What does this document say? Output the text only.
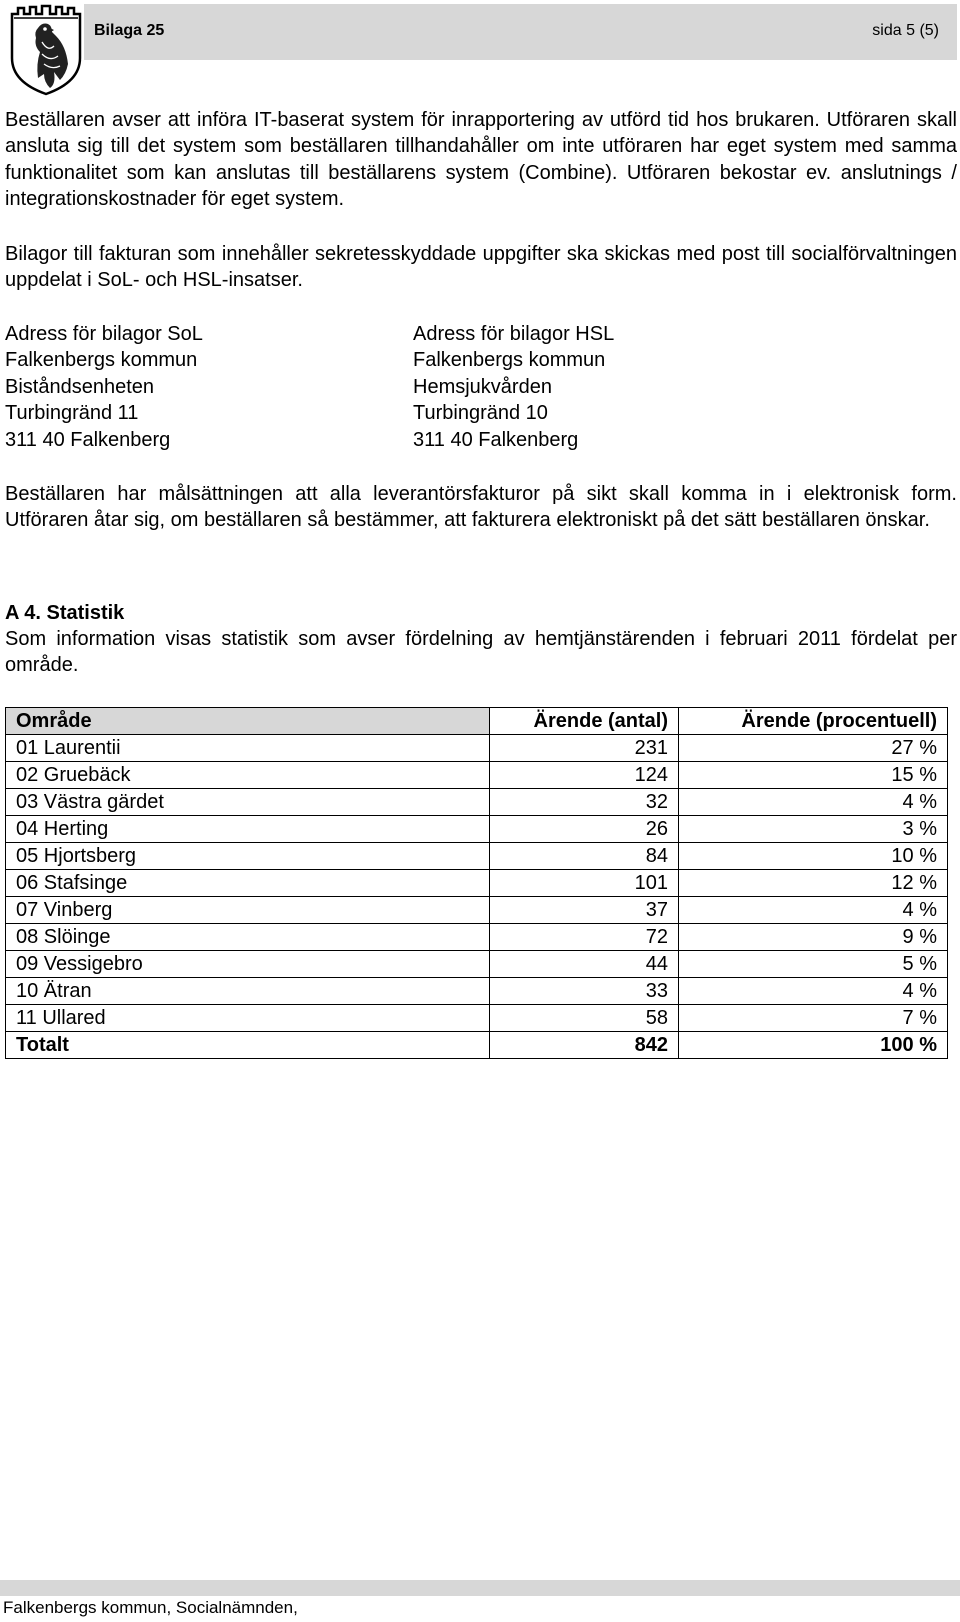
Bilaga 25	sida 5 (5)

Beställaren avser att införa IT-baserat system för inrapportering av utförd tid hos brukaren. Utföraren skall ansluta sig till det system som beställaren tillhandahåller om inte utföraren har eget system med samma funktionalitet som kan anslutas till beställarens system (Combine). Utföraren bekostar ev. anslutnings / integrationskostnader för eget system.

Bilagor till fakturan som innehåller sekretesskyddade uppgifter ska skickas med post till socialförvaltningen uppdelat i SoL- och HSL-insatser.

Adress för bilagor SoL
Falkenbergs kommun
Biståndsenheten
Turbingränd 11
311 40 Falkenberg
Adress för bilagor HSL
Falkenbergs kommun
Hemsjukvården
Turbingränd 10
311 40 Falkenberg

Beställaren har målsättningen att alla leverantörsfakturor på sikt skall komma in i elektronisk form. Utföraren åtar sig, om beställaren så bestämmer, att fakturera elektroniskt på det sätt beställaren önskar.

A 4. Statistik

Som information visas statistik som avser fördelning av hemtjänstärenden i februari 2011 fördelat per område.

Område	Ärende (antal)	Ärende (procentuell)
01 Laurentii	231	27 %
02 Gruebäck	124	15 %
03 Västra gärdet	32	4 %
04 Herting	26	3 %
05 Hjortsberg	84	10 %
06 Stafsinge	101	12 %
07 Vinberg	37	4 %
08 Slöinge	72	9 %
09 Vessigebro	44	5 %
10 Ätran	33	4 %
11 Ullared	58	7 %
Totalt	842	100 %
Falkenbergs kommun, Socialnämnden,
